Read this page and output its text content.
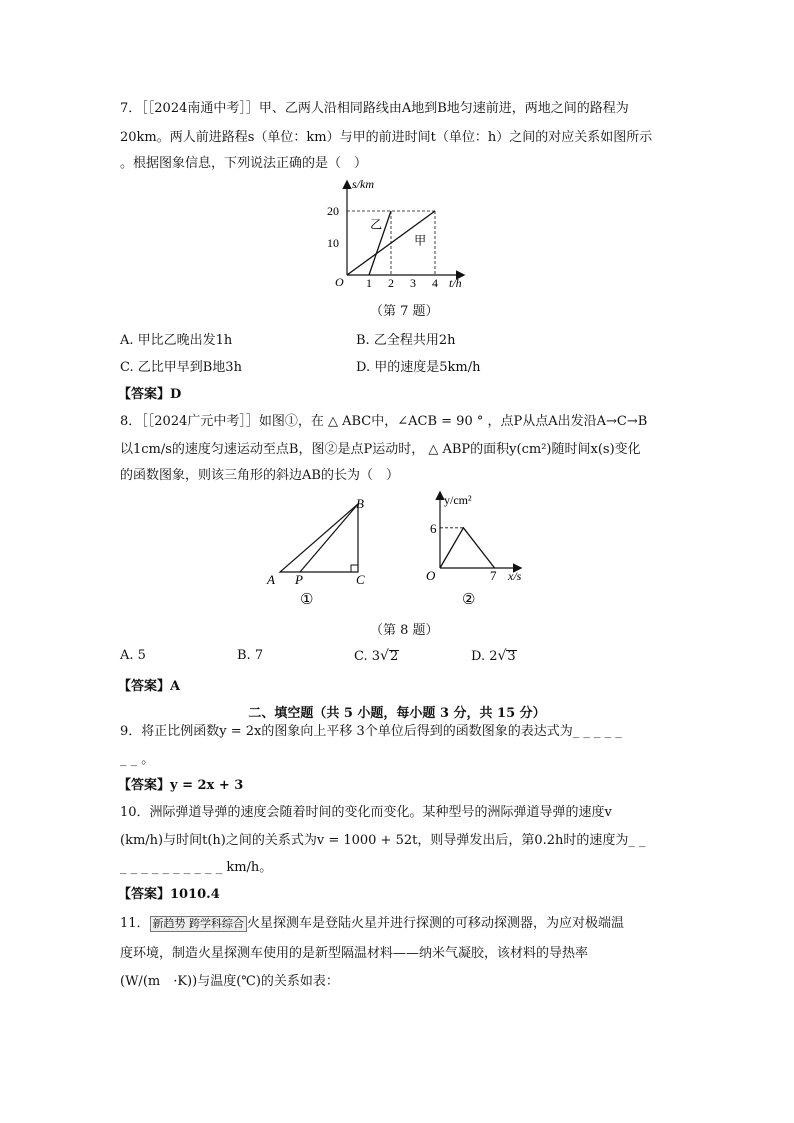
7．［［2024南通中考］］甲、乙两人沿相同路线由A地到B地匀速前进，两地之间的路程为
20km。两人前进路程s（单位：km）与甲的前进时间t（单位：h）之间的对应关系如图所示
。根据图象信息，下列说法正确的是（　）
甲
乙
1 2 3 4
10
20
s/km
t/h
O
（第 7 题）
A. 甲比乙晚出发1h	B. 乙全程共用2h
C. 乙比甲早到B地3h	D. 甲的速度是5km/h
【答案】D
8．［［2024广元中考］］如图①，在 △ ABC中，∠ACB = 90 ° ，点P从点A出发沿A→C→B
以1cm/s的速度匀速运动至点B，图②是点P运动时， △ ABP的面积y(cm²)随时间x(s)变化
的函数图象，则该三角形的斜边AB的长为（　）
A P	C
B
①
y/cm²
x/s
O
6
7
②
（第 8 题）
A. 5	B. 7	C. 3√2	D. 2√3
【答案】A
二、填空题（共 5 小题，每小题 3 分，共 15 分）
9．将正比例函数y = 2x的图象向上平移 3个单位后得到的函数图象的表达式为_ _ _ _ _
_ _ 。
【答案】y = 2x + 3
10．洲际弹道导弹的速度会随着时间的变化而变化。某种型号的洲际弹道导弹的速度v
(km/h)与时间t(h)之间的关系式为v = 1000 + 52t，则导弹发出后，第0.2h时的速度为_ _
_ _ _ _ _ _ _ _ _ _ km/h。
【答案】1010.4
11． 新趋势 跨学科综合 火星探测车是登陆火星并进行探测的可移动探测器，为应对极端温
度环境，制造火星探测车使用的是新型隔温材料——纳米气凝胶，该材料的导热率
(W/(m　·K))与温度(℃)的关系如表：
